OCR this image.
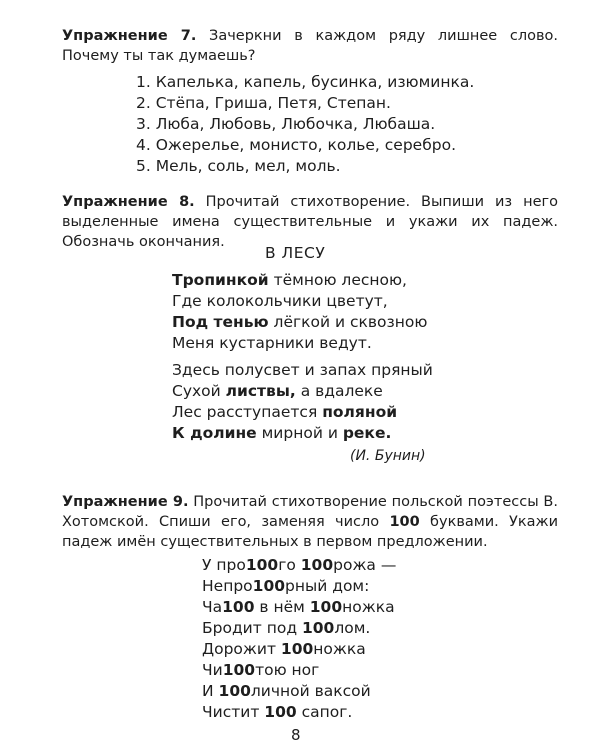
Упражнение 7. Зачеркни в каждом ряду лишнее слово. Почему ты так думаешь?
1. Капелька, капель, бусинка, изюминка.
2. Стёпа, Гриша, Петя, Степан.
3. Люба, Любовь, Любочка, Любаша.
4. Ожерелье, монисто, колье, серебро.
5. Мель, соль, мел, моль.
Упражнение 8. Прочитай стихотворение. Выпиши из него выделенные имена существительные и укажи их падеж. Обозначь окончания.
В ЛЕСУ
Тропинкой тёмною лесною,
Где колокольчики цветут,
Под тенью лёгкой и сквозною
Меня кустарники ведут.
Здесь полусвет и запах пряный
Сухой листвы, а вдалеке
Лес расступается поляной
К долине мирной и реке.
(И. Бунин)
Упражнение 9. Прочитай стихотворение польской поэтессы В. Хотомской. Спиши его, заменяя число 100 буквами. Укажи падеж имён существительных в первом предложении.
У про100го 100рожа —
Непро100рный дом:
Ча100 в нём 100ножка
Бродит под 100лом.
Дорожит 100ножка
Чи100тою ног
И 100личной ваксой
Чистит 100 сапог.
8
